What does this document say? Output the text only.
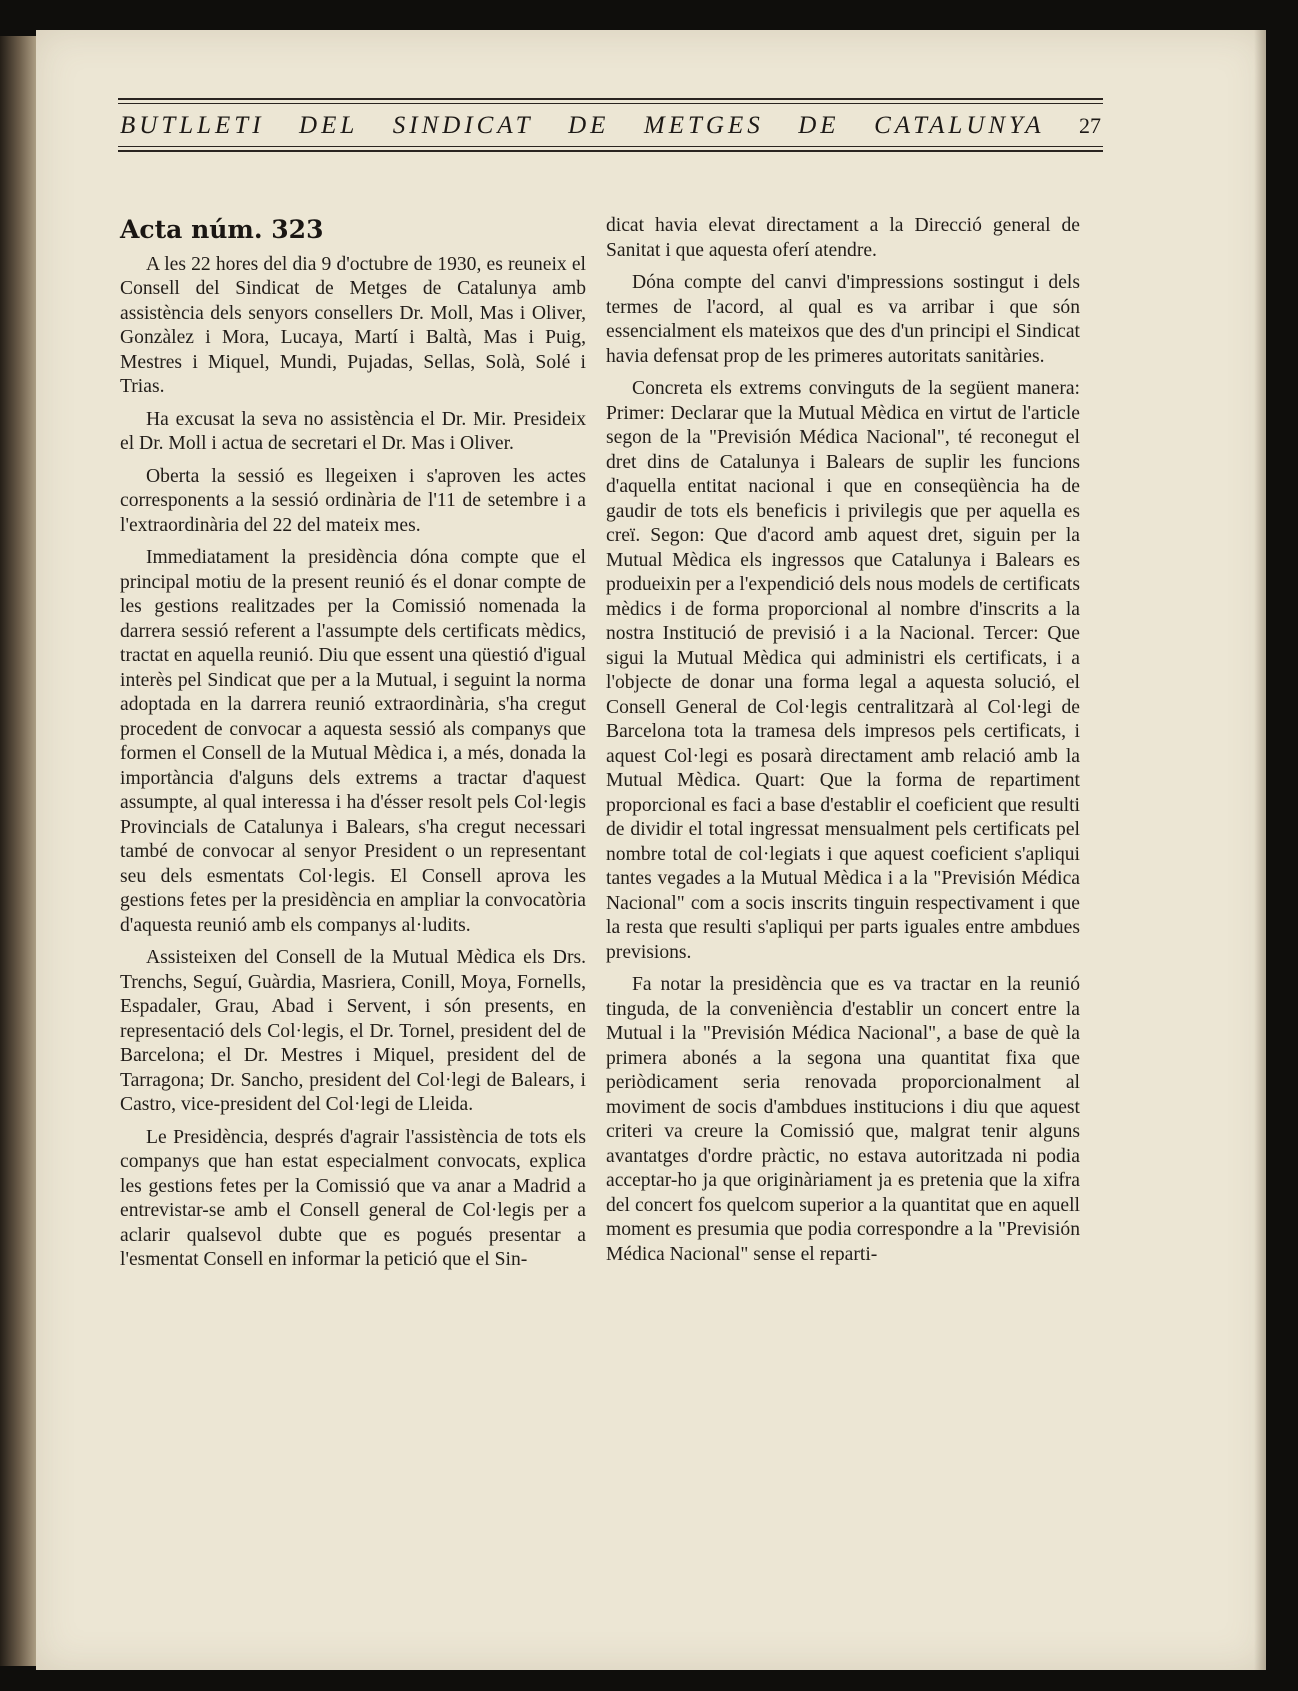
BUTLLETI DEL SINDICAT DE METGES DE CATALUNYA 27
Acta núm. 323

A les 22 hores del dia 9 d'octubre de 1930, es reuneix el Consell del Sindicat de Metges de Catalunya amb assistència dels senyors consellers Dr. Moll, Mas i Oliver, Gonzàlez i Mora, Lucaya, Martí i Baltà, Mas i Puig, Mestres i Miquel, Mundi, Pujadas, Sellas, Solà, Solé i Trias.

Ha excusat la seva no assistència el Dr. Mir. Presideix el Dr. Moll i actua de secretari el Dr. Mas i Oliver.

Oberta la sessió es llegeixen i s'aproven les actes corresponents a la sessió ordinària de l'11 de setembre i a l'extraordinària del 22 del mateix mes.

Immediatament la presidència dóna compte que el principal motiu de la present reunió és el donar compte de les gestions realitzades per la Comissió nomenada la darrera sessió referent a l'assumpte dels certificats mèdics, tractat en aquella reunió. Diu que essent una qüestió d'igual interès pel Sindicat que per a la Mutual, i seguint la norma adoptada en la darrera reunió extraordinària, s'ha cregut procedent de convocar a aquesta sessió als companys que formen el Consell de la Mutual Mèdica i, a més, donada la importància d'alguns dels extrems a tractar d'aquest assumpte, al qual interessa i ha d'ésser resolt pels Col·legis Provincials de Catalunya i Balears, s'ha cregut necessari també de convocar al senyor President o un representant seu dels esmentats Col·legis. El Consell aprova les gestions fetes per la presidència en ampliar la convocatòria d'aquesta reunió amb els companys al·ludits.

Assisteixen del Consell de la Mutual Mèdica els Drs. Trenchs, Seguí, Guàrdia, Masriera, Conill, Moya, Fornells, Espadaler, Grau, Abad i Servent, i són presents, en representació dels Col·legis, el Dr. Tornel, president del de Barcelona; el Dr. Mestres i Miquel, president del de Tarragona; Dr. Sancho, president del Col·legi de Balears, i Castro, vice-president del Col·legi de Lleida.

Le Presidència, després d'agrair l'assistència de tots els companys que han estat especialment convocats, explica les gestions fetes per la Comissió que va anar a Madrid a entrevistar-se amb el Consell general de Col·legis per a aclarir qualsevol dubte que es pogués presentar a l'esmentat Consell en informar la petició que el Sin-

dicat havia elevat directament a la Direcció general de Sanitat i que aquesta oferí atendre.

Dóna compte del canvi d'impressions sostingut i dels termes de l'acord, al qual es va arribar i que són essencialment els mateixos que des d'un principi el Sindicat havia defensat prop de les primeres autoritats sanitàries.

Concreta els extrems convinguts de la següent manera: Primer: Declarar que la Mutual Mèdica en virtut de l'article segon de la "Previsión Médica Nacional", té reconegut el dret dins de Catalunya i Balears de suplir les funcions d'aquella entitat nacional i que en conseqüència ha de gaudir de tots els beneficis i privilegis que per aquella es creï. Segon: Que d'acord amb aquest dret, siguin per la Mutual Mèdica els ingressos que Catalunya i Balears es produeixin per a l'expendició dels nous models de certificats mèdics i de forma proporcional al nombre d'inscrits a la nostra Institució de previsió i a la Nacional. Tercer: Que sigui la Mutual Mèdica qui administri els certificats, i a l'objecte de donar una forma legal a aquesta solució, el Consell General de Col·legis centralitzarà al Col·legi de Barcelona tota la tramesa dels impresos pels certificats, i aquest Col·legi es posarà directament amb relació amb la Mutual Mèdica. Quart: Que la forma de repartiment proporcional es faci a base d'establir el coeficient que resulti de dividir el total ingressat mensualment pels certificats pel nombre total de col·legiats i que aquest coeficient s'apliqui tantes vegades a la Mutual Mèdica i a la "Previsión Médica Nacional" com a socis inscrits tinguin respectivament i que la resta que resulti s'apliqui per parts iguales entre ambdues previsions.

Fa notar la presidència que es va tractar en la reunió tinguda, de la conveniència d'establir un concert entre la Mutual i la "Previsión Médica Nacional", a base de què la primera abonés a la segona una quantitat fixa que periòdicament seria renovada proporcionalment al moviment de socis d'ambdues institucions i diu que aquest criteri va creure la Comissió que, malgrat tenir alguns avantatges d'ordre pràctic, no estava autoritzada ni podia acceptar-ho ja que originàriament ja es pretenia que la xifra del concert fos quelcom superior a la quantitat que en aquell moment es presumia que podia correspondre a la "Previsión Médica Nacional" sense el reparti-
